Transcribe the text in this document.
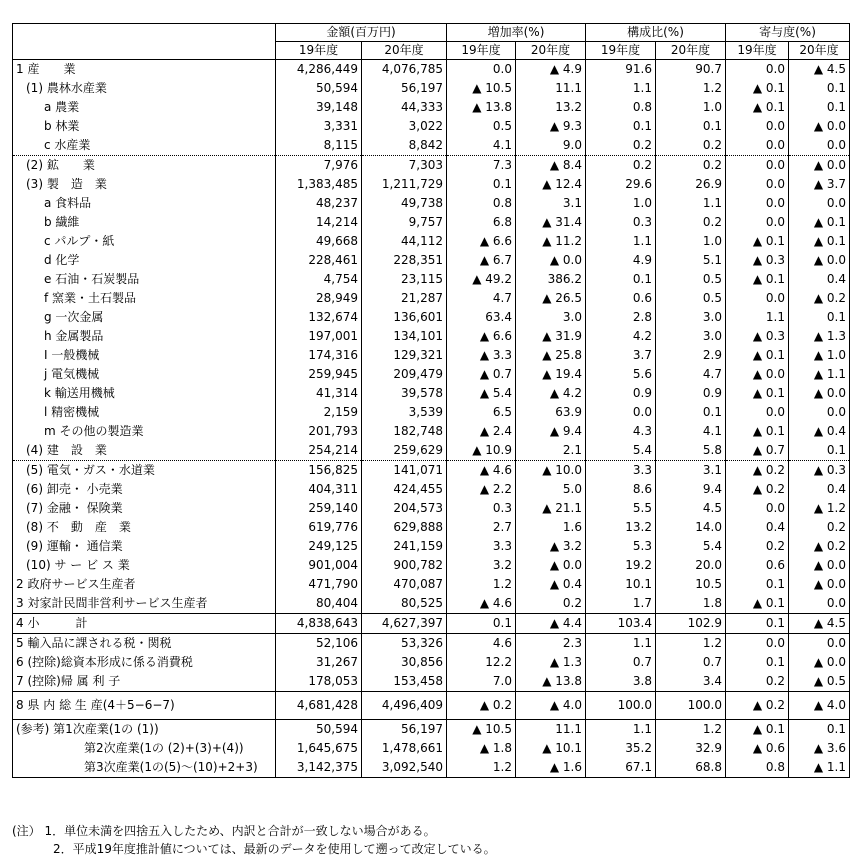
	金額(百万円)		増加率(%)		構成比(%)		寄与度(%)	
	19年度	20年度	19年度	20年度	19年度	20年度	19年度	20年度
1 産　　業	4,286,449	4,076,785	0.0	▲ 4.9	91.6	90.7	0.0	▲ 4.5
(1) 農林水産業	50,594	56,197	▲ 10.5	11.1	1.1	1.2	▲ 0.1	0.1
a 農業	39,148	44,333	▲ 13.8	13.2	0.8	1.0	▲ 0.1	0.1
b 林業	3,331	3,022	0.5	▲ 9.3	0.1	0.1	0.0	▲ 0.0
c 水産業	8,115	8,842	4.1	9.0	0.2	0.2	0.0	0.0
(2) 鉱　　業	7,976	7,303	7.3	▲ 8.4	0.2	0.2	0.0	▲ 0.0
(3) 製　造　業	1,383,485	1,211,729	0.1	▲ 12.4	29.6	26.9	0.0	▲ 3.7
a 食料品	48,237	49,738	0.8	3.1	1.0	1.1	0.0	0.0
b 繊維	14,214	9,757	6.8	▲ 31.4	0.3	0.2	0.0	▲ 0.1
c パルプ・紙	49,668	44,112	▲ 6.6	▲ 11.2	1.1	1.0	▲ 0.1	▲ 0.1
d 化学	228,461	228,351	▲ 6.7	▲ 0.0	4.9	5.1	▲ 0.3	▲ 0.0
e 石油・石炭製品	4,754	23,115	▲ 49.2	386.2	0.1	0.5	▲ 0.1	0.4
f 窯業・土石製品	28,949	21,287	4.7	▲ 26.5	0.6	0.5	0.0	▲ 0.2
g 一次金属	132,674	136,601	63.4	3.0	2.8	3.0	1.1	0.1
h 金属製品	197,001	134,101	▲ 6.6	▲ 31.9	4.2	3.0	▲ 0.3	▲ 1.3
I 一般機械	174,316	129,321	▲ 3.3	▲ 25.8	3.7	2.9	▲ 0.1	▲ 1.0
j 電気機械	259,945	209,479	▲ 0.7	▲ 19.4	5.6	4.7	▲ 0.0	▲ 1.1
k 輸送用機械	41,314	39,578	▲ 5.4	▲ 4.2	0.9	0.9	▲ 0.1	▲ 0.0
l 精密機械	2,159	3,539	6.5	63.9	0.0	0.1	0.0	0.0
m その他の製造業	201,793	182,748	▲ 2.4	▲ 9.4	4.3	4.1	▲ 0.1	▲ 0.4
(4) 建　設　業	254,214	259,629	▲ 10.9	2.1	5.4	5.8	▲ 0.7	0.1
(5) 電気・ガス・水道業	156,825	141,071	▲ 4.6	▲ 10.0	3.3	3.1	▲ 0.2	▲ 0.3
(6) 卸売・ 小売業	404,311	424,455	▲ 2.2	5.0	8.6	9.4	▲ 0.2	0.4
(7) 金融・ 保険業	259,140	204,573	0.3	▲ 21.1	5.5	4.5	0.0	▲ 1.2
(8) 不　動　産　業	619,776	629,888	2.7	1.6	13.2	14.0	0.4	0.2
(9) 運輸・ 通信業	249,125	241,159	3.3	▲ 3.2	5.3	5.4	0.2	▲ 0.2
(10) サ ー ビ ス 業	901,004	900,782	3.2	▲ 0.0	19.2	20.0	0.6	▲ 0.0
2 政府サービス生産者	471,790	470,087	1.2	▲ 0.4	10.1	10.5	0.1	▲ 0.0
3 対家計民間非営利サービス生産者	80,404	80,525	▲ 4.6	0.2	1.7	1.8	▲ 0.1	0.0
4 小　　　計	4,838,643	4,627,397	0.1	▲ 4.4	103.4	102.9	0.1	▲ 4.5
5 輸入品に課される税・関税	52,106	53,326	4.6	2.3	1.1	1.2	0.0	0.0
6 (控除)総資本形成に係る消費税	31,267	30,856	12.2	▲ 1.3	0.7	0.7	0.1	▲ 0.0
7 (控除)帰 属 利 子	178,053	153,458	7.0	▲ 13.8	3.8	3.4	0.2	▲ 0.5
8 県 内 総 生 産(4＋5−6−7)	4,681,428	4,496,409	▲ 0.2	▲ 4.0	100.0	100.0	▲ 0.2	▲ 4.0
(参考) 第1次産業(1の (1))	50,594	56,197	▲ 10.5	11.1	1.1	1.2	▲ 0.1	0.1
第2次産業(1の (2)+(3)+(4))	1,645,675	1,478,661	▲ 1.8	▲ 10.1	35.2	32.9	▲ 0.6	▲ 3.6
第3次産業(1の(5)〜(10)+2+3)	3,142,375	3,092,540	1.2	▲ 1.6	67.1	68.8	0.8	▲ 1.1
(注） 1．単位未満を四捨五入したため、内訳と合計が一致しない場合がある。
2．平成19年度推計値については、最新のデータを使用して遡って改定している。
